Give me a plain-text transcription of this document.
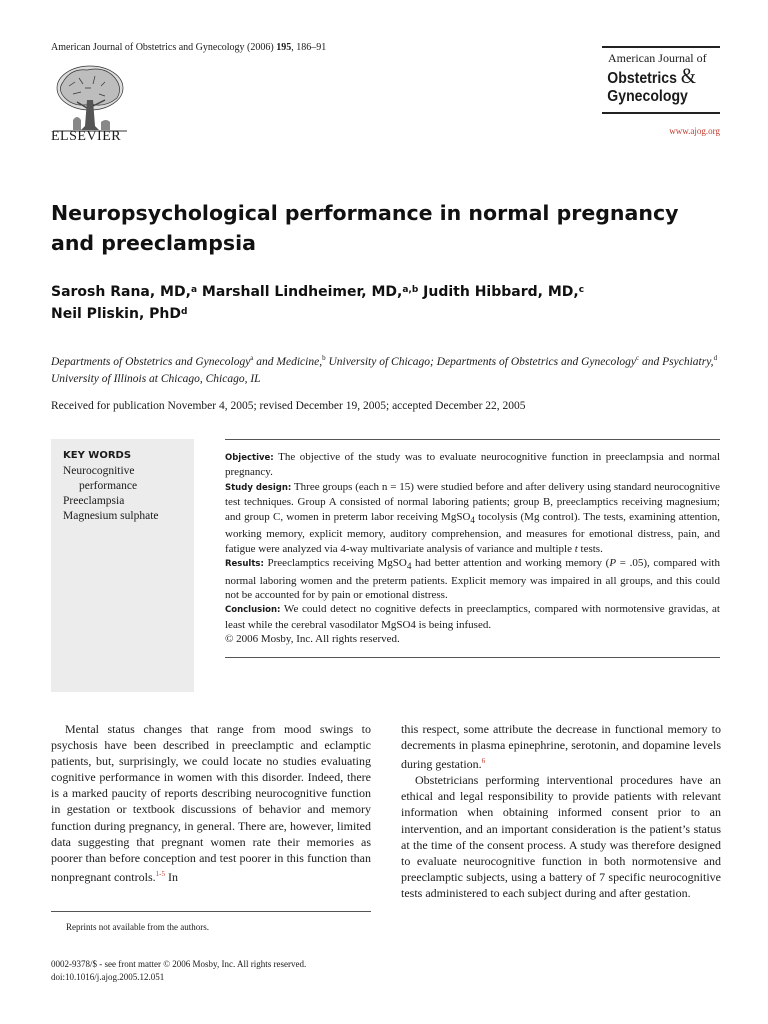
American Journal of Obstetrics and Gynecology (2006) 195, 186–91
ELSEVIER
American Journal of
Obstetrics &
Gynecology
www.ajog.org
Neuropsychological performance in normal pregnancy and preeclampsia
Sarosh Rana, MD,$^a$ Marshall Lindheimer, MD,$^{a,b}$ Judith Hibbard, MD,$^c$
Neil Pliskin, PhD$^d$
Departments of Obstetrics and Gynecology$^a$ and Medicine,$^b$ University of Chicago; Departments of Obstetrics and Gynecology$^c$ and Psychiatry,$^d$ University of Illinois at Chicago, Chicago, IL
Received for publication November 4, 2005; revised December 19, 2005; accepted December 22, 2005
KEY WORDS
Neurocognitive
performance
Preeclampsia
Magnesium sulphate

Objective: The objective of the study was to evaluate neurocognitive function in preeclampsia and normal pregnancy.

Study design: Three groups (each n = 15) were studied before and after delivery using standard neurocognitive test techniques. Group A consisted of normal laboring patients; group B, preeclamptics receiving magnesium; and group C, women in preterm labor receiving MgSO$_4$ tocolysis (Mg control). The tests, examining attention, working memory, explicit memory, auditory comprehension, and measures for emotional distress, pain, and fatigue were analyzed via 4-way multivariate analysis of variance and multiple t tests.

Results: Preeclamptics receiving MgSO$_4$ had better attention and working memory (P = .05), compared with normal laboring women and the preterm patients. Explicit memory was impaired in all groups, and this could not be accounted for by pain or emotional distress.

Conclusion: We could detect no cognitive defects in preeclamptics, compared with normotensive gravidas, at least while the cerebral vasodilator MgSO4 is being infused.

© 2006 Mosby, Inc. All rights reserved.

Mental status changes that range from mood swings to psychosis have been described in preeclamptic and eclamptic patients, but, surprisingly, we could locate no studies evaluating cognitive performance in women with this disorder. Indeed, there is a marked paucity of reports describing neurocognitive function in gestation or textbook discussions of behavior and memory function during pregnancy, in general. There are, however, limited data suggesting that pregnant women rate their memories as poorer than before conception and test poorer in this function than nonpregnant controls.$^{1-5}$ In

this respect, some attribute the decrease in functional memory to decrements in plasma epinephrine, serotonin, and dopamine levels during gestation.$^6$

Obstetricians performing interventional procedures have an ethical and legal responsibility to provide patients with relevant information when obtaining informed consent prior to an intervention, and an important consideration is the patient’s status at the time of the consent process. A study was therefore designed to evaluate neurocognitive function in both normotensive and preeclamptic subjects, using a battery of 7 specific neurocognitive tests administered to each subject during and after gestation.

Reprints not available from the authors.
0002-9378/$ - see front matter © 2006 Mosby, Inc. All rights reserved.
doi:10.1016/j.ajog.2005.12.051
